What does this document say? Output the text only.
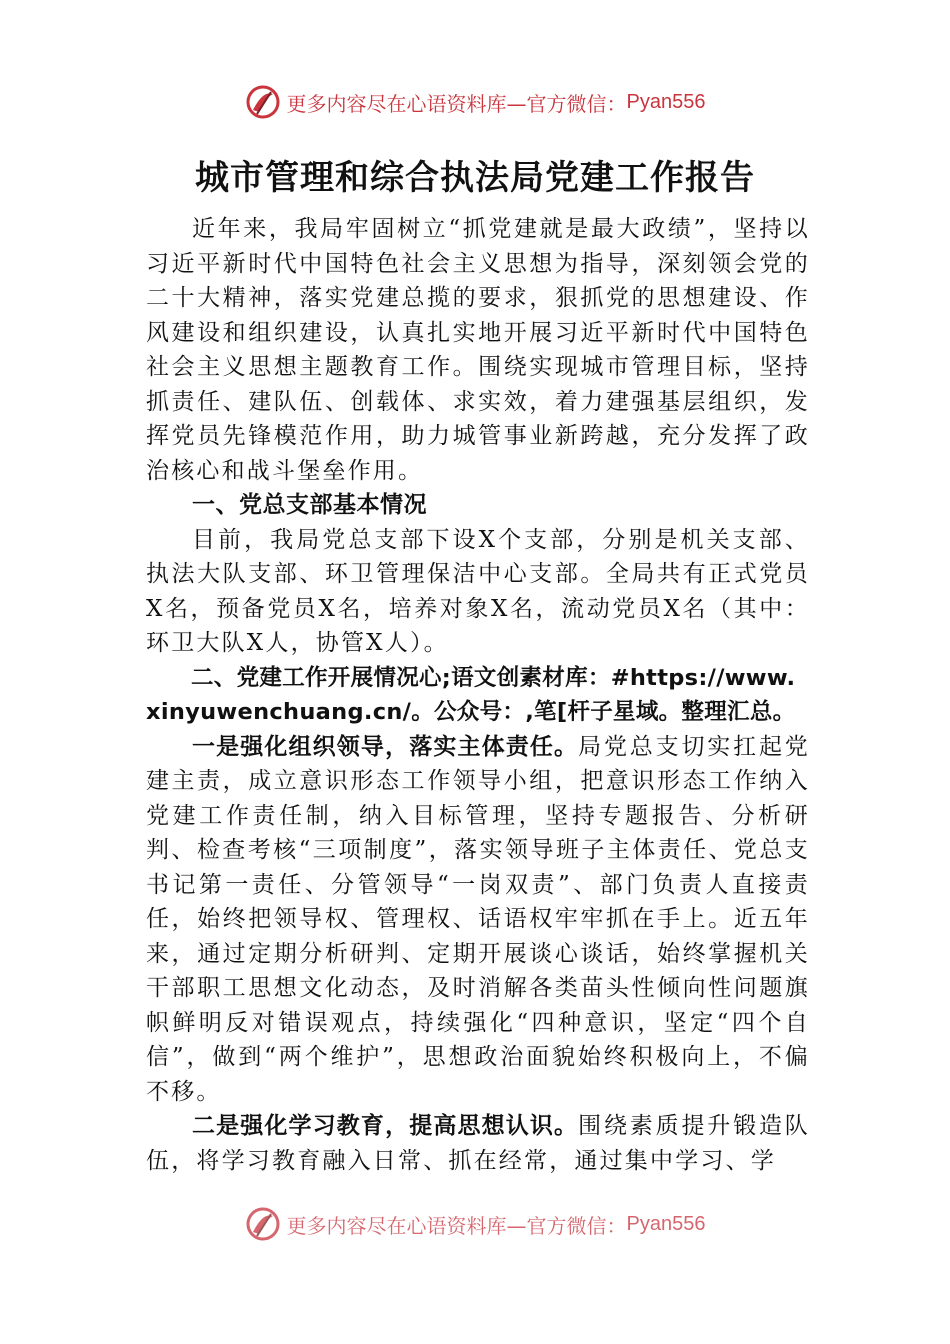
更多内容尽在心语资料库—官方微信： Pyan556
城市管理和综合执法局党建工作报告

近年来，我局牢固树立“抓党建就是最大政绩”，坚持以习近平新时代中国特色社会主义思想为指导，深刻领会党的二十大精神，落实党建总揽的要求，狠抓党的思想建设、作风建设和组织建设，认真扎实地开展习近平新时代中国特色社会主义思想主题教育工作。围绕实现城市管理目标，坚持抓责任、建队伍、创载体、求实效，着力建强基层组织，发挥党员先锋模范作用，助力城管事业新跨越，充分发挥了政治核心和战斗堡垒作用。

一、党总支部基本情况

目前，我局党总支部下设X个支部，分别是机关支部、执法大队支部、环卫管理保洁中心支部。全局共有正式党员X名，预备党员X名，培养对象X名，流动党员X名（其中：环卫大队X人，协管X人）。

二、党建工作开展情况心;语文创素材库：#https://www.xinyuwenchuang.cn/。公众号：,笔[杆子星域。整理汇总。

一是强化组织领导，落实主体责任。局党总支切实扛起党建主责，成立意识形态工作领导小组，把意识形态工作纳入党建工作责任制，纳入目标管理，坚持专题报告、分析研判、检查考核“三项制度”，落实领导班子主体责任、党总支书记第一责任、分管领导“一岗双责”、部门负责人直接责任，始终把领导权、管理权、话语权牢牢抓在手上。近五年来，通过定期分析研判、定期开展谈心谈话，始终掌握机关干部职工思想文化动态，及时消解各类苗头性倾向性问题旗帜鲜明反对错误观点，持续强化“四种意识，坚定“四个自信”，做到“两个维护”，思想政治面貌始终积极向上，不偏不移。

二是强化学习教育，提高思想认识。围绕素质提升锻造队伍，将学习教育融入日常、抓在经常，通过集中学习、学

更多内容尽在心语资料库—官方微信： Pyan556
